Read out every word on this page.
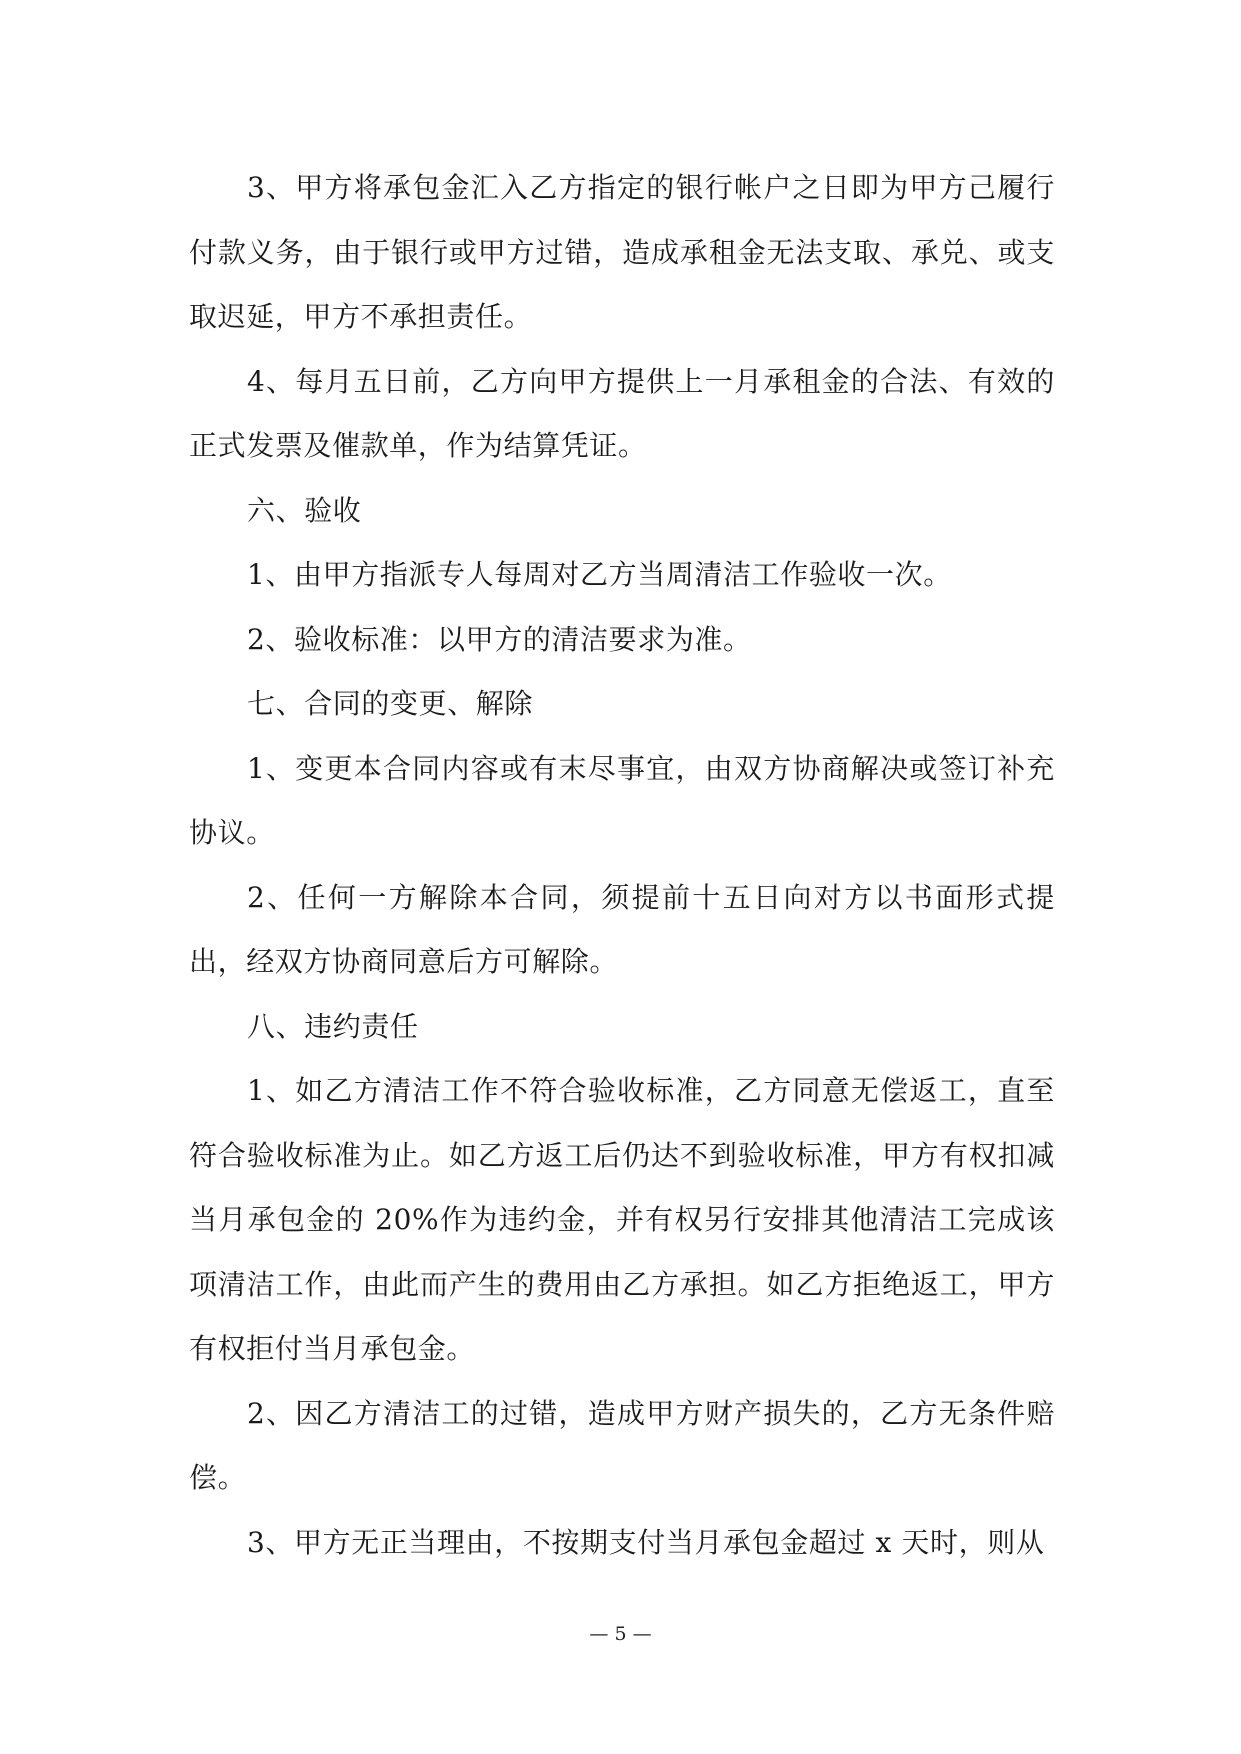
3、甲方将承包金汇入乙方指定的银行帐户之日即为甲方己履行付款义务，由于银行或甲方过错，造成承租金无法支取、承兑、或支取迟延，甲方不承担责任。

4、每月五日前，乙方向甲方提供上一月承租金的合法、有效的正式发票及催款单，作为结算凭证。

六、验收

1、由甲方指派专人每周对乙方当周清洁工作验收一次。

2、验收标准：以甲方的清洁要求为准。

七、合同的变更、解除

1、变更本合同内容或有末尽事宜，由双方协商解决或签订补充协议。

2、任何一方解除本合同，须提前十五日向对方以书面形式提出，经双方协商同意后方可解除。

八、违约责任

1、如乙方清洁工作不符合验收标准，乙方同意无偿返工，直至符合验收标准为止。如乙方返工后仍达不到验收标准，甲方有权扣减当月承包金的 20%作为违约金，并有权另行安排其他清洁工完成该项清洁工作，由此而产生的费用由乙方承担。如乙方拒绝返工，甲方有权拒付当月承包金。

2、因乙方清洁工的过错，造成甲方财产损失的，乙方无条件赔偿。

3、甲方无正当理由，不按期支付当月承包金超过 x 天时，则从

— 5 —
